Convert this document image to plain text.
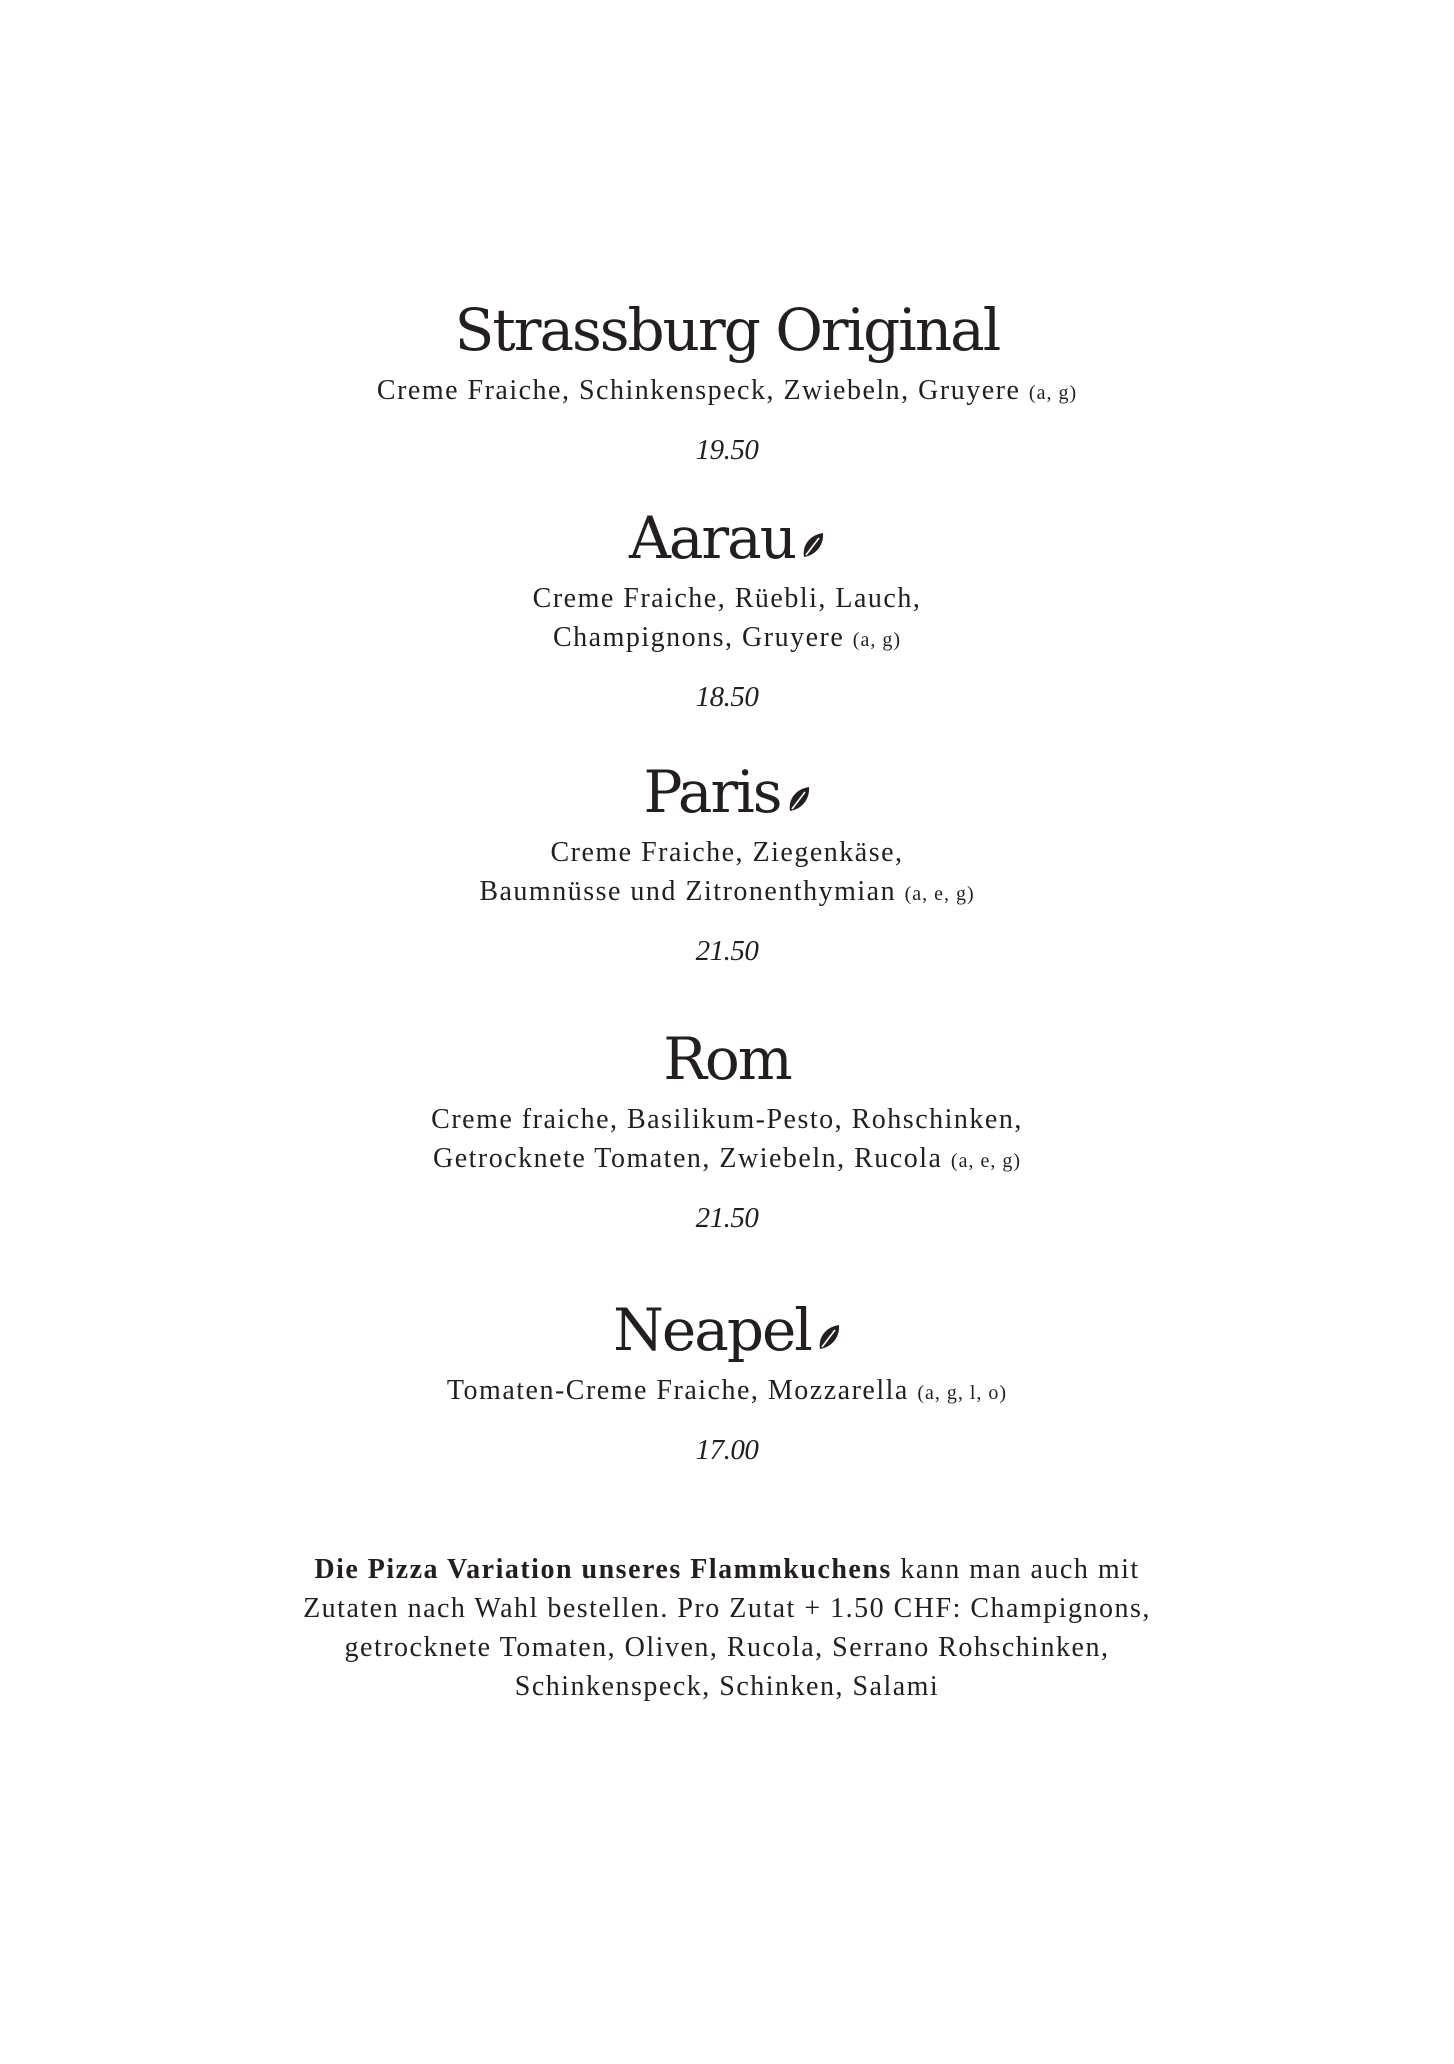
Strassburg Original
Creme Fraiche, Schinkenspeck, Zwiebeln, Gruyere (a, g)
19.50
Aarau
Creme Fraiche, Rüebli, Lauch,
Champignons, Gruyere (a, g)
18.50
Paris
Creme Fraiche, Ziegenkäse,
Baumnüsse und Zitronenthymian (a, e, g)
21.50
Rom
Creme fraiche, Basilikum-Pesto, Rohschinken,
Getrocknete Tomaten, Zwiebeln, Rucola (a, e, g)
21.50
Neapel
Tomaten-Creme Fraiche, Mozzarella (a, g, l, o)
17.00

Die Pizza Variation unseres Flammkuchens kann man auch mit
Zutaten nach Wahl bestellen. Pro Zutat + 1.50 CHF: Champignons,
getrocknete Tomaten, Oliven, Rucola, Serrano Rohschinken,
Schinkenspeck, Schinken, Salami
